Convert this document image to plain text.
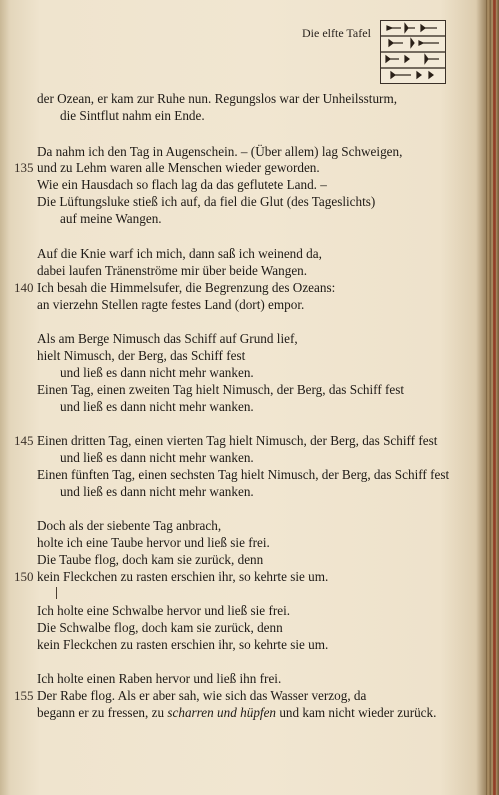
Die elfte Tafel
der Ozean, er kam zur Ruhe nun. Regungslos war der Unheilssturm,
die Sintflut nahm ein Ende.
Da nahm ich den Tag in Augenschein. – (Über allem) lag Schweigen,
135 und zu Lehm waren alle Menschen wieder geworden.
Wie ein Hausdach so flach lag da das geflutete Land. –
Die Lüftungsluke stieß ich auf, da fiel die Glut (des Tageslichts)
auf meine Wangen.
Auf die Knie warf ich mich, dann saß ich weinend da,
dabei laufen Tränenströme mir über beide Wangen.
140 Ich besah die Himmelsufer, die Begrenzung des Ozeans:
an vierzehn Stellen ragte festes Land (dort) empor.
Als am Berge Nimusch das Schiff auf Grund lief,
hielt Nimusch, der Berg, das Schiff fest
und ließ es dann nicht mehr wanken.
Einen Tag, einen zweiten Tag hielt Nimusch, der Berg, das Schiff fest
und ließ es dann nicht mehr wanken.
145 Einen dritten Tag, einen vierten Tag hielt Nimusch, der Berg, das Schiff fest
und ließ es dann nicht mehr wanken.
Einen fünften Tag, einen sechsten Tag hielt Nimusch, der Berg, das Schiff fest
und ließ es dann nicht mehr wanken.
Doch als der siebente Tag anbrach,
holte ich eine Taube hervor und ließ sie frei.
Die Taube flog, doch kam sie zurück, denn
150 kein Fleckchen zu rasten erschien ihr, so kehrte sie um.
Ich holte eine Schwalbe hervor und ließ sie frei.
Die Schwalbe flog, doch kam sie zurück, denn
kein Fleckchen zu rasten erschien ihr, so kehrte sie um.
Ich holte einen Raben hervor und ließ ihn frei.
155 Der Rabe flog. Als er aber sah, wie sich das Wasser verzog, da
begann er zu fressen, zu scharren und hüpfen und kam nicht wieder zurück.
